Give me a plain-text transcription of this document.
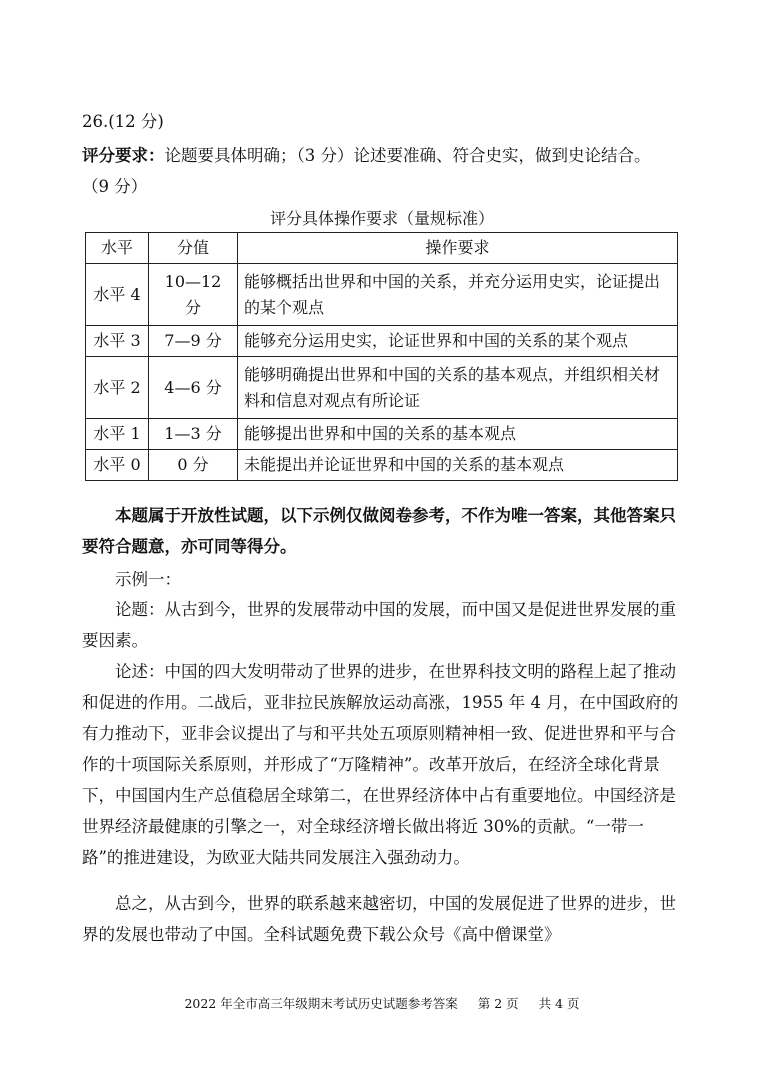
26.(12 分)
评分要求：论题要具体明确；（3 分）论述要准确、符合史实，做到史论结合。
（9 分）
评分具体操作要求（量规标准）
水平	分值	操作要求
水平 4	10—12 分	能够概括出世界和中国的关系，并充分运用史实，论证提出的某个观点
水平 3	7—9 分	能够充分运用史实，论证世界和中国的关系的某个观点
水平 2	4—6 分	能够明确提出世界和中国的关系的基本观点，并组织相关材料和信息对观点有所论证
水平 1	1—3 分	能够提出世界和中国的关系的基本观点
水平 0	0 分	未能提出并论证世界和中国的关系的基本观点
本题属于开放性试题，以下示例仅做阅卷参考，不作为唯一答案，其他答案只要符合题意，亦可同等得分。
示例一：
论题：从古到今，世界的发展带动中国的发展，而中国又是促进世界发展的重要因素。
论述：中国的四大发明带动了世界的进步，在世界科技文明的路程上起了推动和促进的作用。二战后，亚非拉民族解放运动高涨，1955 年 4 月，在中国政府的有力推动下，亚非会议提出了与和平共处五项原则精神相一致、促进世界和平与合作的十项国际关系原则，并形成了“万隆精神”。改革开放后，在经济全球化背景下，中国国内生产总值稳居全球第二，在世界经济体中占有重要地位。中国经济是世界经济最健康的引擎之一，对全球经济增长做出将近 30%的贡献。“一带一路”的推进建设，为欧亚大陆共同发展注入强劲动力。
总之，从古到今，世界的联系越来越密切，中国的发展促进了世界的进步，世界的发展也带动了中国。全科试题免费下载公众号《高中僧课堂》
2022 年全市高三年级期末考试历史试题参考答案 第 2 页 共 4 页
